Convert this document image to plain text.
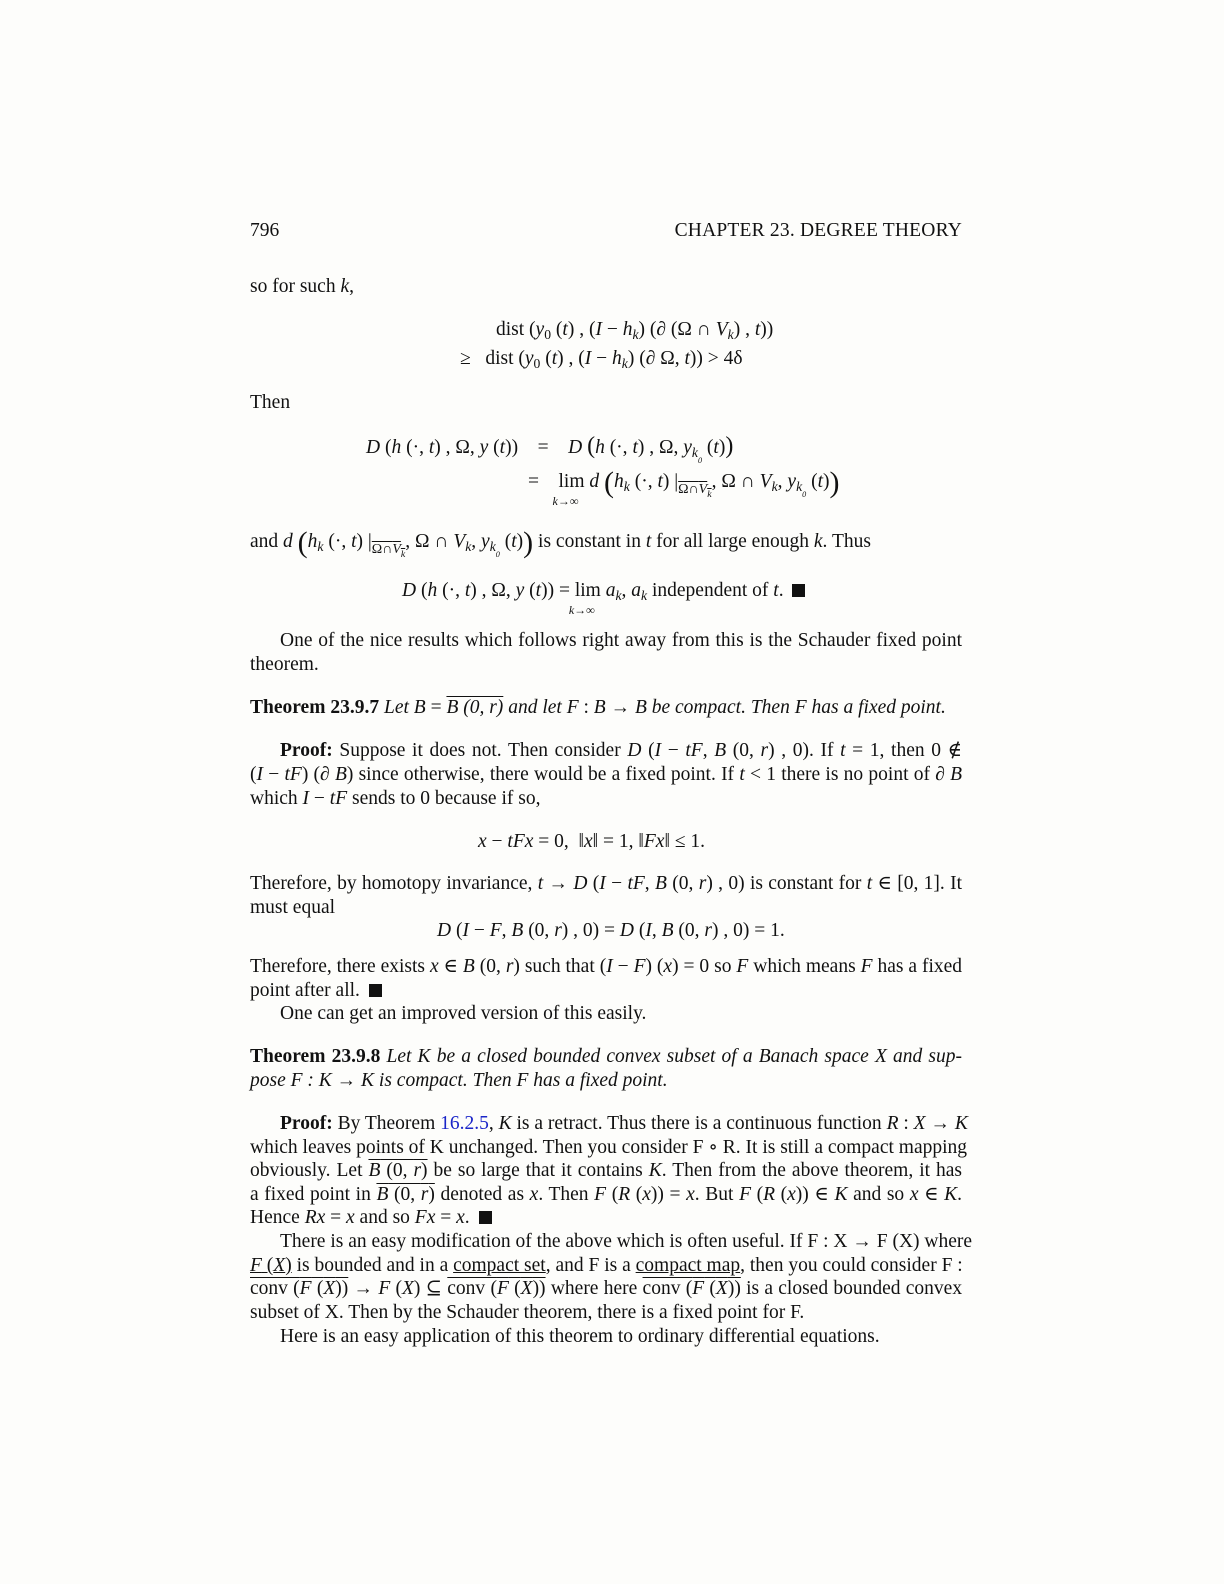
796	CHAPTER 23. DEGREE THEORY
so for such k,
dist ($y_0$ (t) , $(I - h_k)$ (∂ (Ω ∩ $V_k$) , t))
≥   dist ($y_0$ (t) , $(I - h_k)$ (∂ Ω, t)) > 4δ
Then
D (h (·, t) , Ω, y (t))    =    D (h (·, t) , Ω, $y_{k_0}$ (t))
=    lim
k→∞
d ($h_k$ (·, t) $|_{\Omega\cap V_k}$, Ω ∩ $V_k$, $y_{k_0}$ (t))
and d ($h_k$ (·, t) $|_{\Omega\cap V_k}$, Ω ∩ $V_k$, $y_{k_0}$ (t)) is constant in t for all large enough k. Thus
D (h (·, t) , Ω, y (t)) = lim
k→∞
$a_k$, $a_k$ independent of t.
One of the nice results which follows right away from this is the Schauder fixed point
theorem.
Theorem 23.9.7 Let B = B (0, r) and let F : B → B be compact. Then F has a fixed point.
Proof: Suppose it does not. Then consider D (I − tF, B (0, r) , 0). If t = 1, then 0 ∉
(I − tF) (∂ B) since otherwise, there would be a fixed point. If t < 1 there is no point of ∂ B
which I − tF sends to 0 because if so,
x − tFx = 0,  ‖x‖ = 1, ‖Fx‖ ≤ 1.
Therefore, by homotopy invariance, t → D (I − tF, B (0, r) , 0) is constant for t ∈ [0, 1]. It
must equal
D (I − F, B (0, r) , 0) = D (I, B (0, r) , 0) = 1.
Therefore, there exists x ∈ B (0, r) such that (I − F) (x) = 0 so F which means F has a fixed
point after all.
One can get an improved version of this easily.
Theorem 23.9.8 Let K be a closed bounded convex subset of a Banach space X and sup-
pose F : K → K is compact. Then F has a fixed point.
Proof: By Theorem 16.2.5, K is a retract. Thus there is a continuous function R : X → K
which leaves points of K unchanged. Then you consider F ∘ R. It is still a compact mapping
obviously. Let B (0, r) be so large that it contains K. Then from the above theorem, it has
a fixed point in B (0, r) denoted as x. Then F (R (x)) = x. But F (R (x)) ∈ K and so x ∈ K.
Hence Rx = x and so Fx = x.
There is an easy modification of the above which is often useful. If F : X → F (X) where
F (X) is bounded and in a compact set, and F is a compact map, then you could consider F :
conv (F (X)) → F (X) ⊆ conv (F (X)) where here conv (F (X)) is a closed bounded convex
subset of X. Then by the Schauder theorem, there is a fixed point for F.
Here is an easy application of this theorem to ordinary differential equations.
